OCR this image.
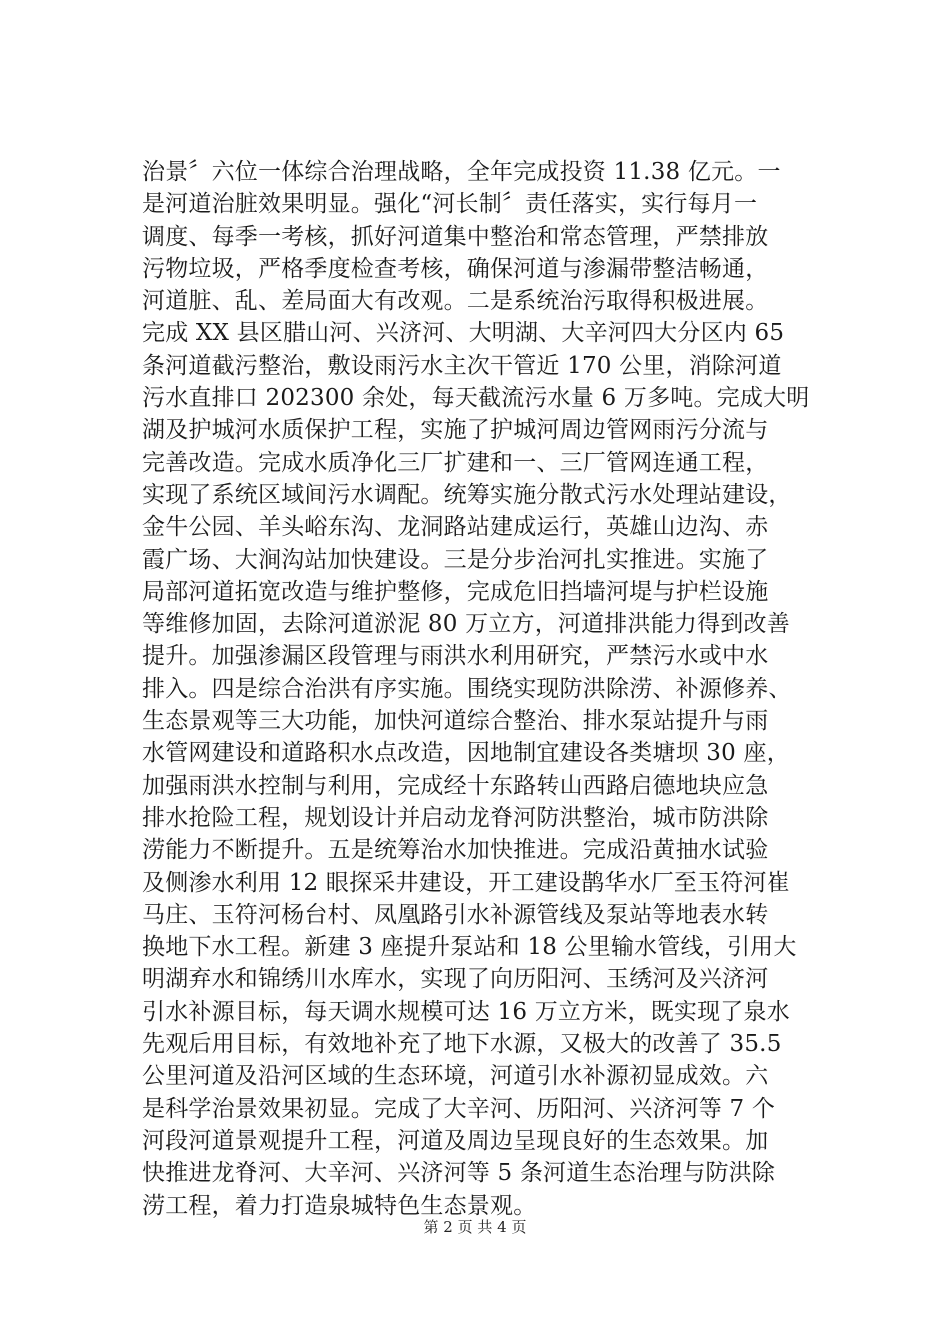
治景〞六位一体综合治理战略，全年完成投资 11.38 亿元。一
是河道治脏效果明显。强化“河长制〞责任落实，实行每月一
调度、每季一考核，抓好河道集中整治和常态管理，严禁排放
污物垃圾，严格季度检查考核，确保河道与渗漏带整洁畅通，
河道脏、乱、差局面大有改观。二是系统治污取得积极进展。
完成 XX 县区腊山河、兴济河、大明湖、大辛河四大分区内 65
条河道截污整治，敷设雨污水主次干管近 170 公里，消除河道
污水直排口 202300 余处，每天截流污水量 6 万多吨。完成大明
湖及护城河水质保护工程，实施了护城河周边管网雨污分流与
完善改造。完成水质净化三厂扩建和一、三厂管网连通工程，
实现了系统区域间污水调配。统筹实施分散式污水处理站建设，
金牛公园、羊头峪东沟、龙洞路站建成运行，英雄山边沟、赤
霞广场、大涧沟站加快建设。三是分步治河扎实推进。实施了
局部河道拓宽改造与维护整修，完成危旧挡墙河堤与护栏设施
等维修加固，去除河道淤泥 80 万立方，河道排洪能力得到改善
提升。加强渗漏区段管理与雨洪水利用研究，严禁污水或中水
排入。四是综合治洪有序实施。围绕实现防洪除涝、补源修养、
生态景观等三大功能，加快河道综合整治、排水泵站提升与雨
水管网建设和道路积水点改造，因地制宜建设各类塘坝 30 座，
加强雨洪水控制与利用，完成经十东路转山西路启德地块应急
排水抢险工程，规划设计并启动龙脊河防洪整治，城市防洪除
涝能力不断提升。五是统筹治水加快推进。完成沿黄抽水试验
及侧渗水利用 12 眼探采井建设，开工建设鹊华水厂至玉符河崔
马庄、玉符河杨台村、凤凰路引水补源管线及泵站等地表水转
换地下水工程。新建 3 座提升泵站和 18 公里输水管线，引用大
明湖弃水和锦绣川水库水，实现了向历阳河、玉绣河及兴济河
引水补源目标，每天调水规模可达 16 万立方米，既实现了泉水
先观后用目标，有效地补充了地下水源，又极大的改善了 35.5
公里河道及沿河区域的生态环境，河道引水补源初显成效。六
是科学治景效果初显。完成了大辛河、历阳河、兴济河等 7 个
河段河道景观提升工程，河道及周边呈现良好的生态效果。加
快推进龙脊河、大辛河、兴济河等 5 条河道生态治理与防洪除
涝工程，着力打造泉城特色生态景观。
第 2 页 共 4 页
